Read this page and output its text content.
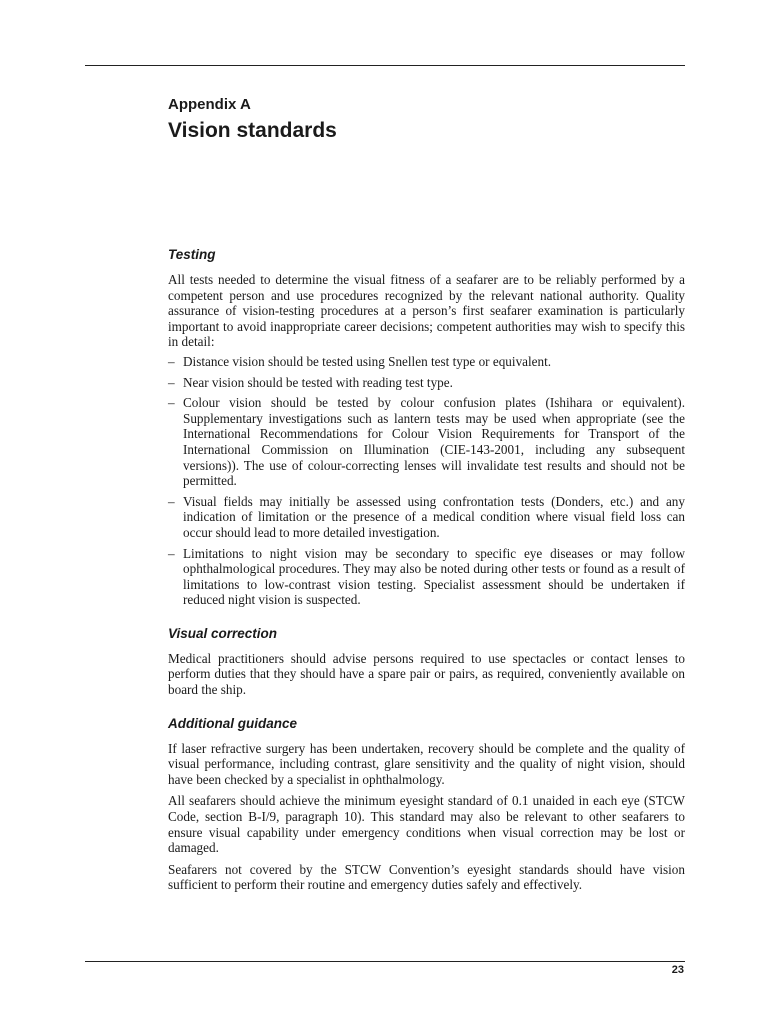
Appendix A
Vision standards
Testing

All tests needed to determine the visual fitness of a seafarer are to be reliably performed by a competent person and use procedures recognized by the relevant national authority. Quality assurance of vision-testing procedures at a person’s first seafarer examination is particularly important to avoid inappropriate career decisions; competent authorities may wish to specify this in detail:

– Distance vision should be tested using Snellen test type or equivalent.
– Near vision should be tested with reading test type.
– Colour vision should be tested by colour confusion plates (Ishihara or equivalent). Supplementary investigations such as lantern tests may be used when appropriate (see the International Recommendations for Colour Vision Requirements for Transport of the International Commission on Illumination (CIE-143-2001, including any subsequent versions)). The use of colour-correcting lenses will invalidate test results and should not be permitted.
– Visual fields may initially be assessed using confrontation tests (Donders, etc.) and any indication of limitation or the presence of a medical condition where visual field loss can occur should lead to more detailed investigation.
– Limitations to night vision may be secondary to specific eye diseases or may follow ophthalmological procedures. They may also be noted during other tests or found as a result of limitations to low-contrast vision testing. Specialist assessment should be undertaken if reduced night vision is suspected.
Visual correction

Medical practitioners should advise persons required to use spectacles or contact lenses to perform duties that they should have a spare pair or pairs, as required, conveniently available on board the ship.

Additional guidance

If laser refractive surgery has been undertaken, recovery should be complete and the quality of visual performance, including contrast, glare sensitivity and the quality of night vision, should have been checked by a specialist in ophthalmology.

All seafarers should achieve the minimum eyesight standard of 0.1 unaided in each eye (STCW Code, section B-I/9, paragraph 10). This standard may also be relevant to other seafarers to ensure visual capability under emergency conditions when visual correction may be lost or damaged.

Seafarers not covered by the STCW Convention’s eyesight standards should have vision sufficient to perform their routine and emergency duties safely and effectively.

23
